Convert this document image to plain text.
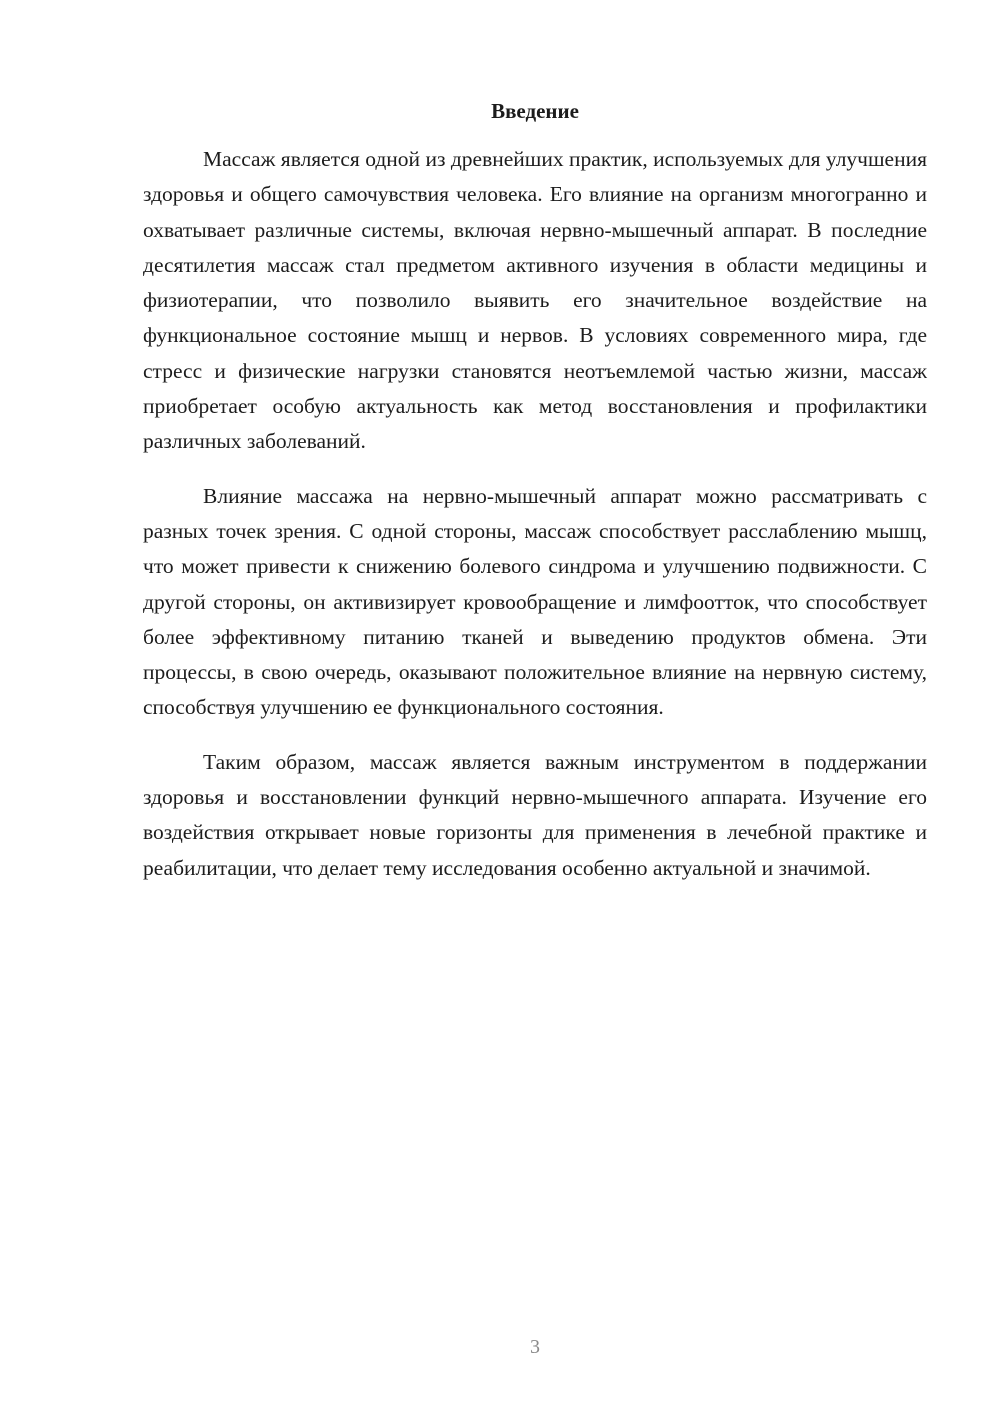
Введение

Массаж является одной из древнейших практик, используемых для улучшения здоровья и общего самочувствия человека. Его влияние на организм многогранно и охватывает различные системы, включая нервно-мышечный аппарат. В последние десятилетия массаж стал предметом активного изучения в области медицины и физиотерапии, что позволило выявить его значительное воздействие на функциональное состояние мышц и нервов. В условиях современного мира, где стресс и физические нагрузки становятся неотъемлемой частью жизни, массаж приобретает особую актуальность как метод восстановления и профилактики различных заболеваний.

Влияние массажа на нервно-мышечный аппарат можно рассматривать с разных точек зрения. С одной стороны, массаж способствует расслаблению мышц, что может привести к снижению болевого синдрома и улучшению подвижности. С другой стороны, он активизирует кровообращение и лимфоотток, что способствует более эффективному питанию тканей и выведению продуктов обмена. Эти процессы, в свою очередь, оказывают положительное влияние на нервную систему, способствуя улучшению ее функционального состояния.

Таким образом, массаж является важным инструментом в поддержании здоровья и восстановлении функций нервно-мышечного аппарата. Изучение его воздействия открывает новые горизонты для применения в лечебной практике и реабилитации, что делает тему исследования особенно актуальной и значимой.

3
